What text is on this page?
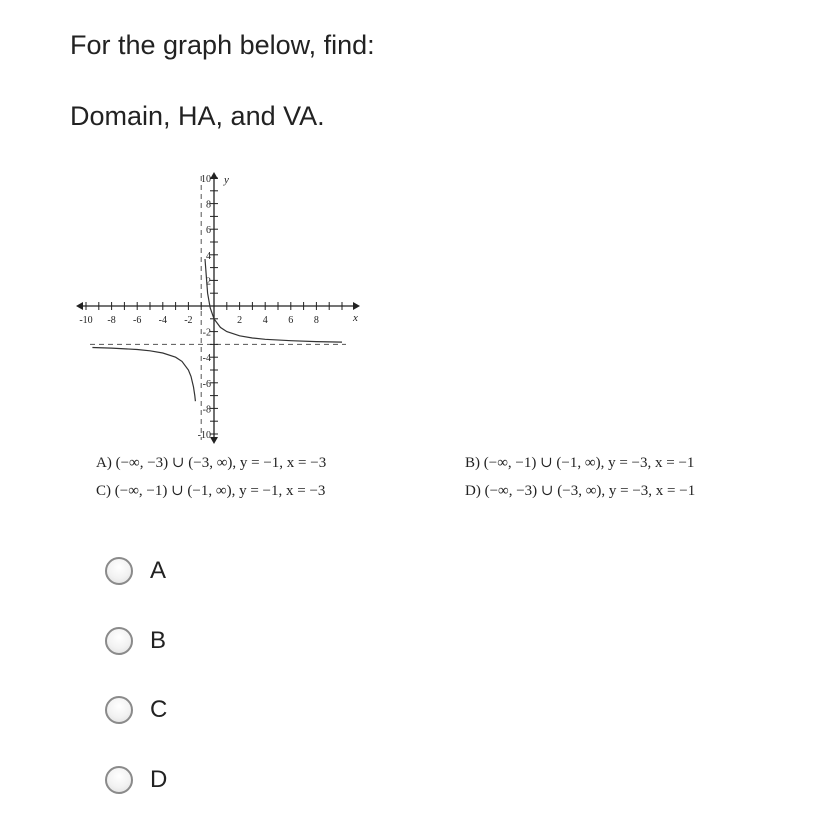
For the graph below, find:

Domain, HA, and VA.

-10 -8 -6 -4 -2	2 4 6 8
10
8
6
4
2
-2
-4
-6
-8
-10
x
y

A) (−∞, −3) ∪ (−3, ∞), y = −1, x = −3	B) (−∞, −1) ∪ (−1, ∞), y = −3, x = −1

C) (−∞, −1) ∪ (−1, ∞), y = −1, x = −3	D) (−∞, −3) ∪ (−3, ∞), y = −3, x = −1

A
B
C
D
